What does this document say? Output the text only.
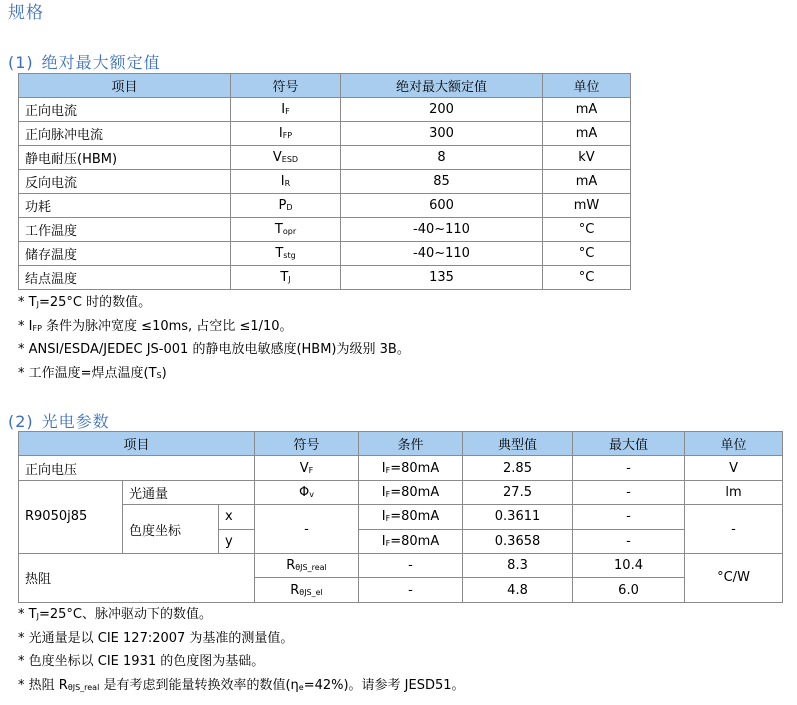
规格
(1) 绝对最大额定值
项目	符号	绝对最大额定值	单位
正向电流	$I_F$	200	mA
正向脉冲电流	$I_{FP}$	300	mA
静电耐压(HBM)	$V_{ESD}$	8	kV
反向电流	$I_R$	85	mA
功耗	$P_D$	600	mW
工作温度	$T_{opr}$	-40~110	°C
储存温度	$T_{stg}$	-40~110	°C
结点温度	$T_J$	135	°C
* $T_J=25^\circ C$ 时的数值。
* $I_{FP}$ 条件为脉冲宽度 ≤10ms, 占空比 ≤1/10。
* ANSI/ESDA/JEDEC JS-001 的静电放电敏感度(HBM)为级别 3B。
* 工作温度=焊点温度$(T_S)$
(2) 光电参数
项目			符号	条件	典型值	最大值	单位
正向电压			$V_F$	$I_F=80mA$	2.85	-	V
R9050j85	光通量		$\Phi_v$	$I_F=80mA$	27.5	-	lm
	色度坐标	x	-	$I_F=80mA$	0.3611	-	-
		y		$I_F=80mA$	0.3658	-	
热阻			$R_{\theta JS\_real}$	-	8.3	10.4	°C/W
			$R_{\theta JS\_el}$	-	4.8	6.0	
* $T_J=25^\circ C$、脉冲驱动下的数值。
* 光通量是以 CIE 127:2007 为基准的测量值。
* 色度坐标以 CIE 1931 的色度图为基础。
* 热阻 $R_{\theta JS\_real}$ 是有考虑到能量转换效率的数值$(\eta_e=42\%)$。请参考 JESD51。
